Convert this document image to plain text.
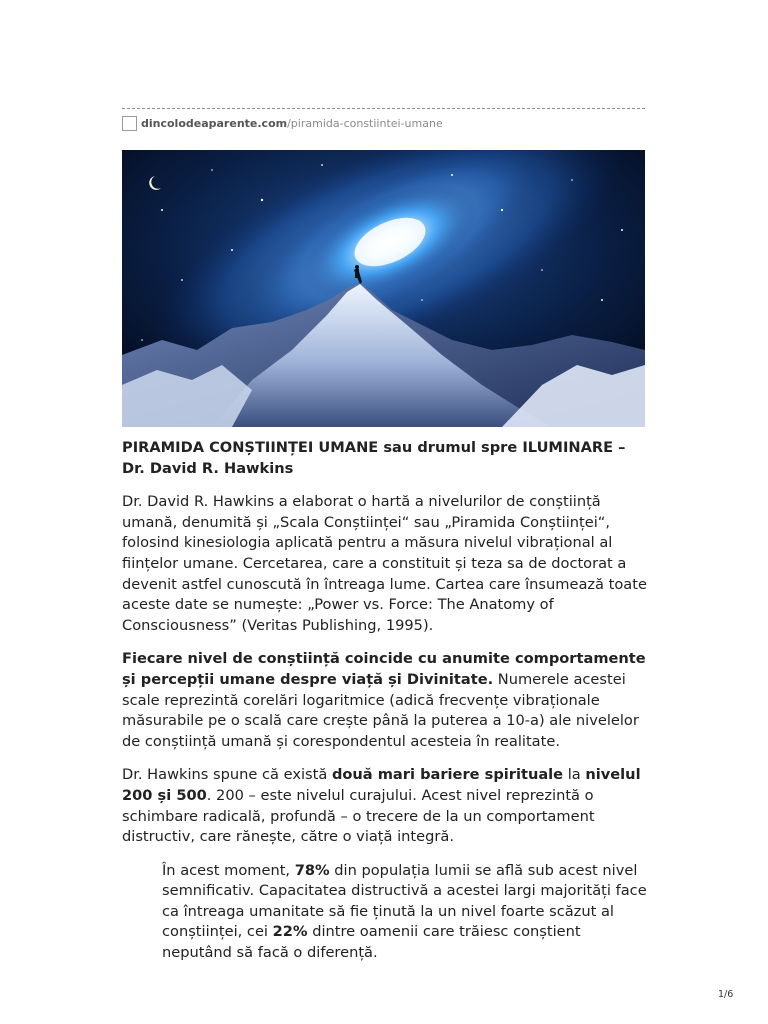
dincolodeaparente.com /piramida-constiintei-umane

PIRAMIDA CONȘTIINȚEI UMANE sau drumul spre ILUMINARE – Dr. David R. Hawkins

Dr. David R. Hawkins a elaborat o hartă a nivelurilor de conștiință umană, denumită și „Scala Conștiinței“ sau „Piramida Conștiinței“, folosind kinesiologia aplicată pentru a măsura nivelul vibrațional al ființelor umane. Cercetarea, care a constituit și teza sa de doctorat a devenit astfel cunoscută în întreaga lume. Cartea care însumează toate aceste date se numește: „Power vs. Force: The Anatomy of Consciousness” (Veritas Publishing, 1995).

Fiecare nivel de conștiință coincide cu anumite comportamente și percepții umane despre viață și Divinitate. Numerele acestei scale reprezintă corelări logaritmice (adică frecvențe vibraționale măsurabile pe o scală care crește până la puterea a 10-a) ale nivelelor de conștiință umană și corespondentul acesteia în realitate.

Dr. Hawkins spune că există două mari bariere spirituale la nivelul 200 și 500. 200 – este nivelul curajului. Acest nivel reprezintă o schimbare radicală, profundă – o trecere de la un comportament distructiv, care rănește, către o viață integră.

În acest moment, 78% din populația lumii se află sub acest nivel semnificativ. Capacitatea distructivă a acestei largi majorități face ca întreaga umanitate să fie ținută la un nivel foarte scăzut al conștiinței, cei 22% dintre oamenii care trăiesc conștient neputând să facă o diferență.

1/6
